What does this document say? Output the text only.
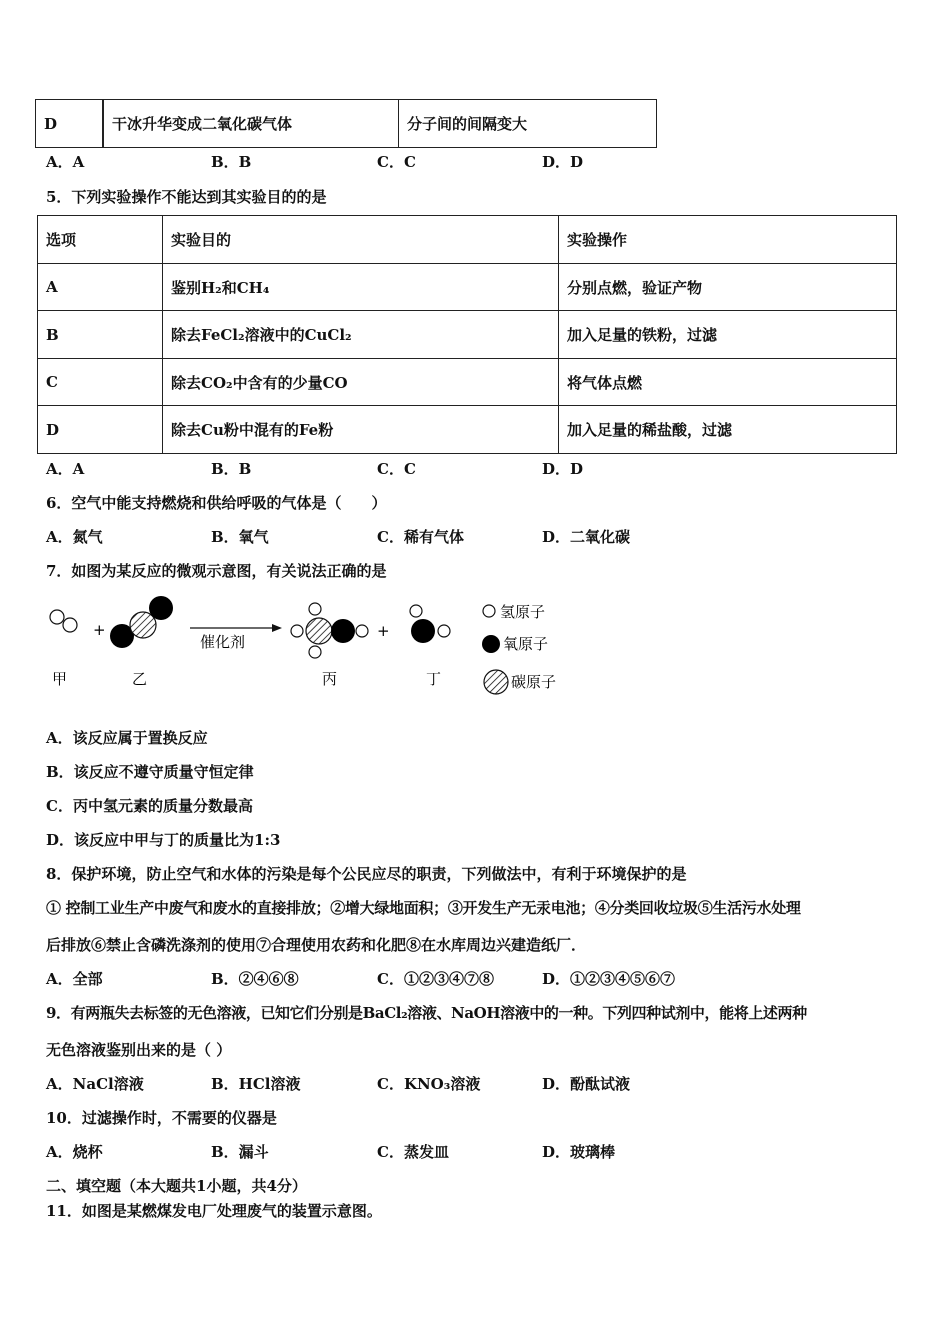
D	干冰升华变成二氧化碳气体	分子间的间隔变大
A．A	B．B	C．C	D．D
5．下列实验操作不能达到其实验目的的是
选项	实验目的	实验操作
A	鉴别H₂和CH₄	分别点燃，验证产物
B	除去FeCl₂溶液中的CuCl₂	加入足量的铁粉，过滤
C	除去CO₂中含有的少量CO	将气体点燃
D	除去Cu粉中混有的Fe粉	加入足量的稀盐酸，过滤
A．A	B．B	C．C	D．D
6．空气中能支持燃烧和供给呼吸的气体是（　　）
A．氮气	B．氧气	C．稀有气体	D．二氧化碳
7．如图为某反应的微观示意图，有关说法正确的是
+
催化剂
+
甲	乙	丙	丁
氢原子
氧原子
碳原子
A．该反应属于置换反应
B．该反应不遵守质量守恒定律
C．丙中氢元素的质量分数最高
D．该反应中甲与丁的质量比为1:3
8．保护环境，防止空气和水体的污染是每个公民应尽的职责，下列做法中，有利于环境保护的是
① 控制工业生产中废气和废水的直接排放；②增大绿地面积；③开发生产无汞电池；④分类回收垃圾⑤生活污水处理
后排放⑥禁止含磷洗涤剂的使用⑦合理使用农药和化肥⑧在水库周边兴建造纸厂．
A．全部	B．②④⑥⑧	C．①②③④⑦⑧	D．①②③④⑤⑥⑦
9．有两瓶失去标签的无色溶液，已知它们分别是BaCl₂溶液、NaOH溶液中的一种。下列四种试剂中，能将上述两种
无色溶液鉴别出来的是（ ）
A．NaCl溶液	B．HCl溶液	C．KNO₃溶液	D．酚酞试液
10．过滤操作时，不需要的仪器是
A．烧杯	B．漏斗	C．蒸发皿	D．玻璃棒
二、填空题（本大题共1小题，共4分）
11．如图是某燃煤发电厂处理废气的装置示意图。
